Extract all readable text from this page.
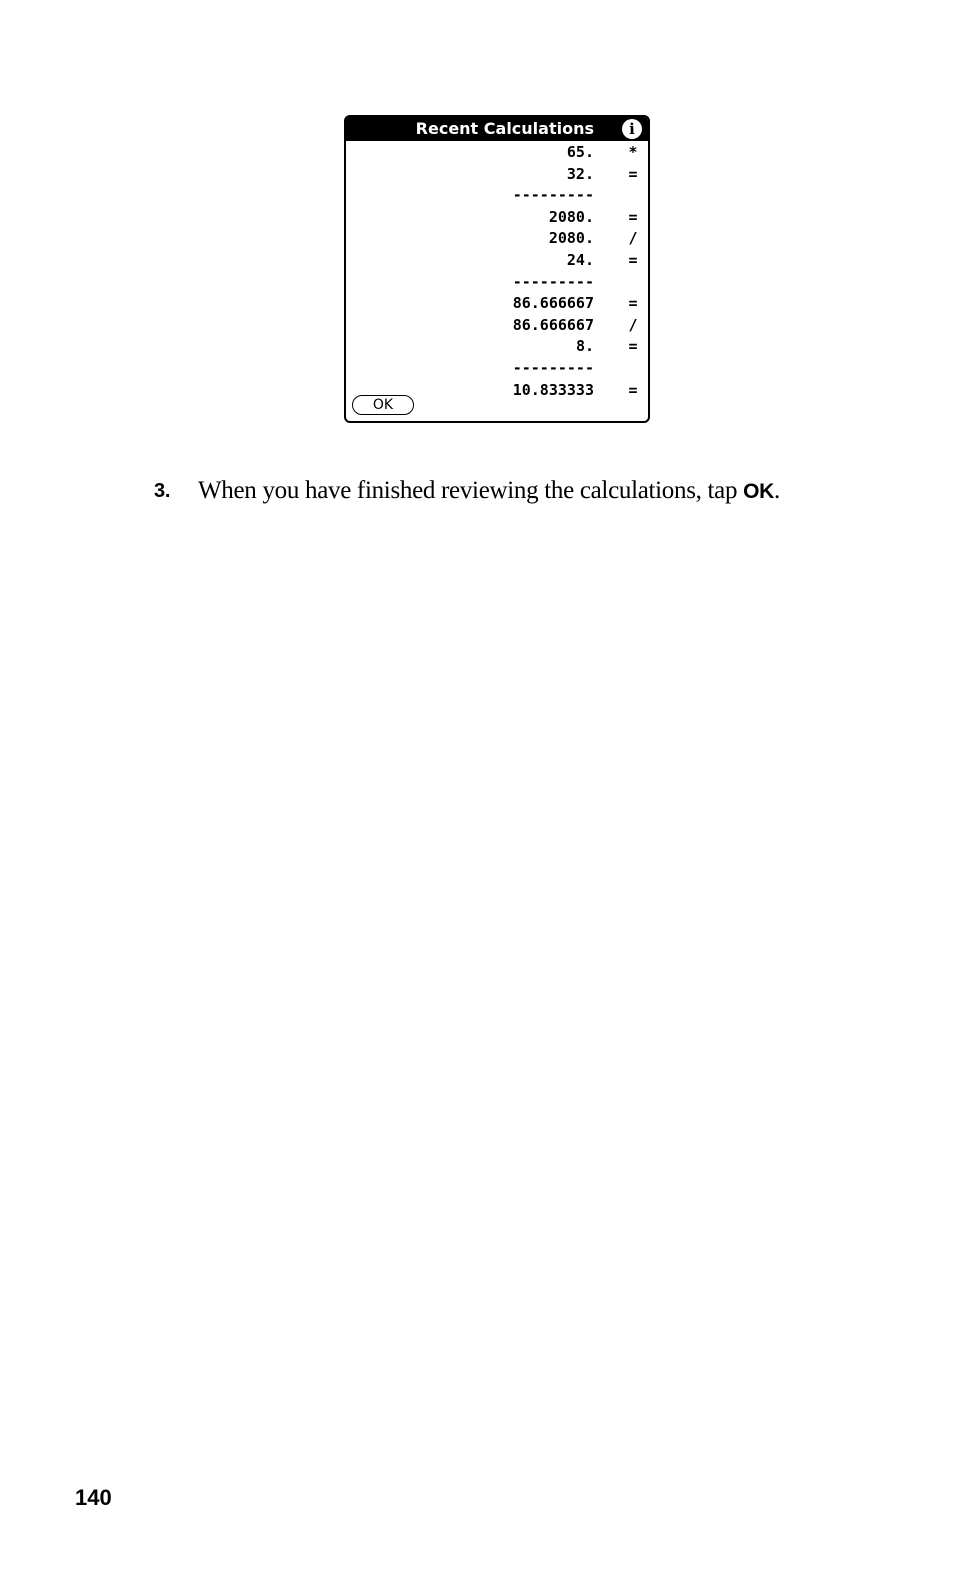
Recent Calculations	i
65. *
32. =
---------
2080. =
2080. /
24. =
---------
86.666667 =
86.666667 /
8. =
---------
10.833333 =
OK
3. When you have finished reviewing the calculations, tap OK.
140
